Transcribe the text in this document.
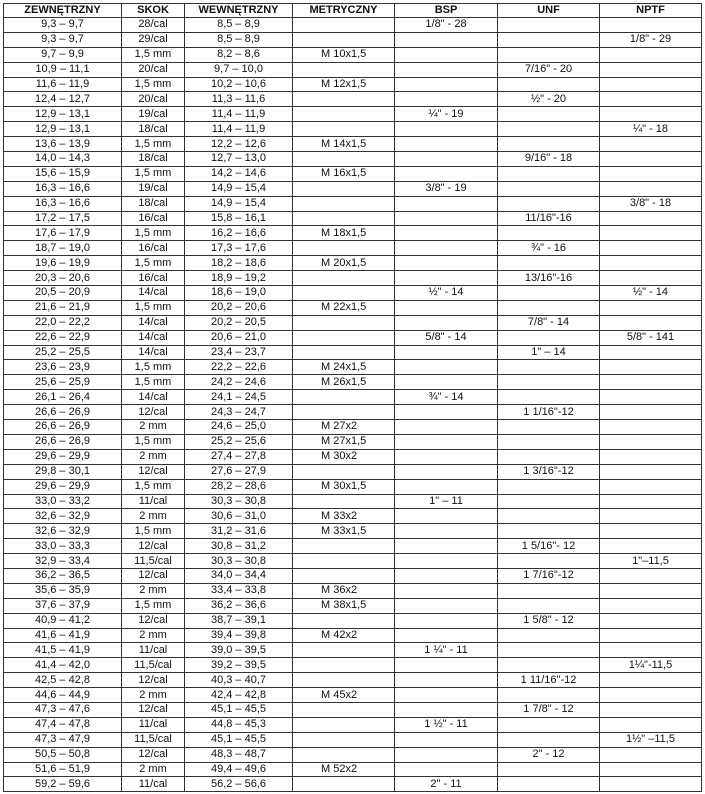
ZEWNĘTRZNY	SKOK	WEWNĘTRZNY	METRYCZNY	BSP	UNF	NPTF
9,3 – 9,7	28/cal	8,5 – 8,9		1/8" - 28		
9,3 – 9,7	29/cal	8,5 – 8,9				1/8" - 29
9,7 – 9,9	1,5 mm	8,2 – 8,6	M 10x1,5			
10,9 – 11,1	20/cal	9,7 – 10,0			7/16" - 20	
11,6 – 11,9	1,5 mm	10,2 – 10,6	M 12x1,5			
12,4 – 12,7	20/cal	11,3 – 11,6			½" - 20	
12,9 – 13,1	19/cal	11,4 – 11,9		¼" - 19		
12,9 – 13,1	18/cal	11,4 – 11,9				¼" - 18
13,6 – 13,9	1,5 mm	12,2 – 12,6	M 14x1,5			
14,0 – 14,3	18/cal	12,7 – 13,0			9/16" - 18	
15,6 – 15,9	1,5 mm	14,2 – 14,6	M 16x1,5			
16,3 – 16,6	19/cal	14,9 – 15,4		3/8" - 19		
16,3 – 16,6	18/cal	14,9 – 15,4				3/8" - 18
17,2 – 17,5	16/cal	15,8 – 16,1			11/16"-16	
17,6 – 17,9	1,5 mm	16,2 – 16,6	M 18x1,5			
18,7 – 19,0	16/cal	17,3 – 17,6			¾" - 16	
19,6 – 19,9	1,5 mm	18,2 – 18,6	M 20x1,5			
20,3 – 20,6	16/cal	18,9 – 19,2			13/16"-16	
20,5 – 20,9	14/cal	18,6 – 19,0		½" - 14		½" - 14
21,6 – 21,9	1,5 mm	20,2 – 20,6	M 22x1,5			
22,0 – 22,2	14/cal	20,2 – 20,5			7/8" - 14	
22,6 – 22,9	14/cal	20,6 – 21,0		5/8" - 14		5/8" - 141
25,2 – 25,5	14/cal	23,4 – 23,7			1" – 14	
23,6 – 23,9	1,5 mm	22,2 – 22,6	M 24x1,5			
25,6 – 25,9	1,5 mm	24,2 – 24,6	M 26x1,5			
26,1 – 26,4	14/cal	24,1 – 24,5		¾" - 14		
26,6 – 26,9	12/cal	24,3 – 24,7			1 1/16"-12	
26,6 – 26,9	2 mm	24,6 – 25,0	M 27x2			
26,6 – 26,9	1,5 mm	25,2 – 25,6	M 27x1,5			
29,6 – 29,9	2 mm	27,4 – 27,8	M 30x2			
29,8 – 30,1	12/cal	27,6 – 27,9			1 3/16"-12	
29,6 – 29,9	1,5 mm	28,2 – 28,6	M 30x1,5			
33,0 – 33,2	11/cal	30,3 – 30,8		1" – 11		
32,6 – 32,9	2 mm	30,6 – 31,0	M 33x2			
32,6 – 32,9	1,5 mm	31,2 – 31,6	M 33x1,5			
33,0 – 33,3	12/cal	30,8 – 31,2			1 5/16"- 12	
32,9 – 33,4	11,5/cal	30,3 – 30,8				1"–11,5
36,2 – 36,5	12/cal	34,0 – 34,4			1 7/16"-12	
35,6 – 35,9	2 mm	33,4 – 33,8	M 36x2			
37,6 – 37,9	1,5 mm	36,2 – 36,6	M 38x1,5			
40,9 – 41,2	12/cal	38,7 – 39,1			1 5/8" - 12	
41,6 – 41,9	2 mm	39,4 – 39,8	M 42x2			
41,5 – 41,9	11/cal	39,0 – 39,5		1 ¼" - 11		
41,4 – 42,0	11,5/cal	39,2 – 39,5				1¼"-11,5
42,5 – 42,8	12/cal	40,3 – 40,7			1 11/16"-12	
44,6 – 44,9	2 mm	42,4 – 42,8	M 45x2			
47,3 – 47,6	12/cal	45,1 – 45,5			1 7/8" - 12	
47,4 – 47,8	11/cal	44,8 – 45,3		1 ½" - 11		
47,3 – 47,9	11,5/cal	45,1 – 45,5				1½" –11,5
50,5 – 50,8	12/cal	48,3 – 48,7			2" - 12	
51,6 – 51,9	2 mm	49,4 – 49,6	M 52x2			
59,2 – 59,6	11/cal	56,2 – 56,6		2" - 11		
